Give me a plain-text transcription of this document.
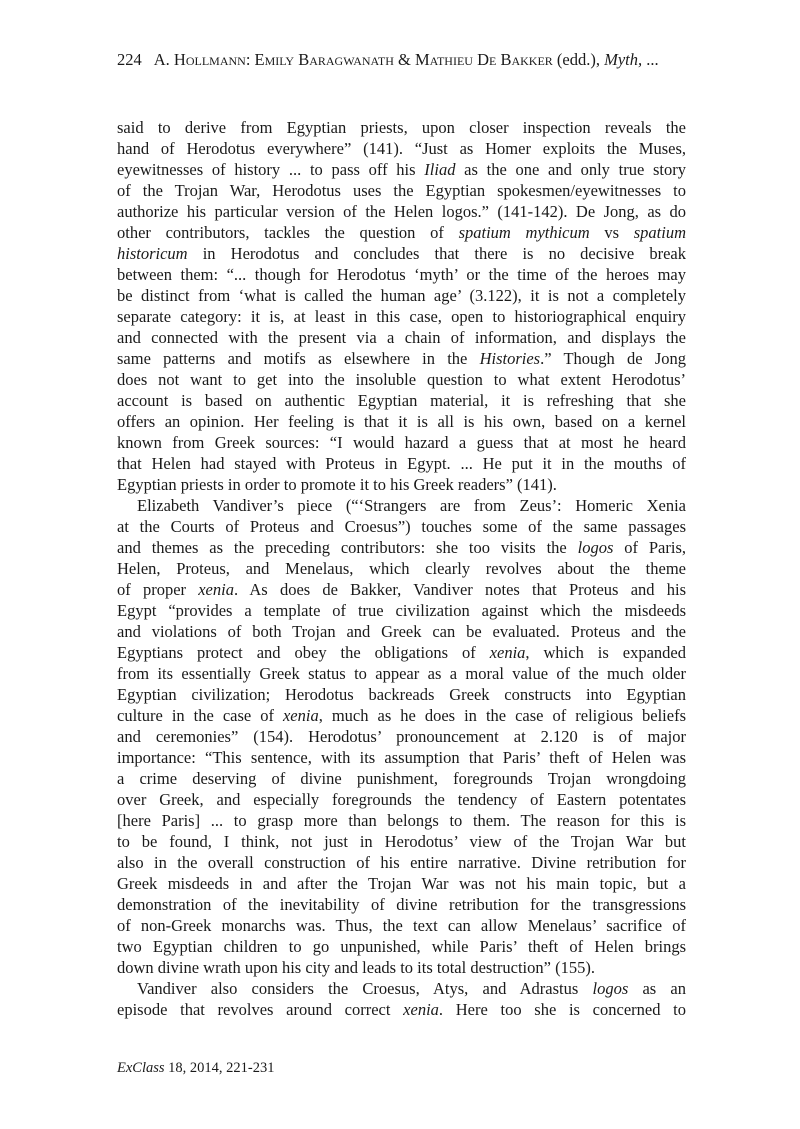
224 A. Hollmann: Emily Baragwanath & Mathieu De Bakker (edd.), Myth, ...
said to derive from Egyptian priests, upon closer inspection reveals the
hand of Herodotus everywhere” (141). “Just as Homer exploits the Muses,
eyewitnesses of history ... to pass off his Iliad as the one and only true story
of the Trojan War, Herodotus uses the Egyptian spokesmen/eyewitnesses to
authorize his particular version of the Helen logos.” (141-142). De Jong, as do
other contributors, tackles the question of spatium mythicum vs spatium
historicum in Herodotus and concludes that there is no decisive break
between them: “... though for Herodotus ‘myth’ or the time of the heroes may
be distinct from ‘what is called the human age’ (3.122), it is not a completely
separate category: it is, at least in this case, open to historiographical enquiry
and connected with the present via a chain of information, and displays the
same patterns and motifs as elsewhere in the Histories.” Though de Jong
does not want to get into the insoluble question to what extent Herodotus’
account is based on authentic Egyptian material, it is refreshing that she
offers an opinion. Her feeling is that it is all is his own, based on a kernel
known from Greek sources: “I would hazard a guess that at most he heard
that Helen had stayed with Proteus in Egypt. ... He put it in the mouths of
Egyptian priests in order to promote it to his Greek readers” (141).
Elizabeth Vandiver’s piece (“‘Strangers are from Zeus’: Homeric Xenia
at the Courts of Proteus and Croesus”) touches some of the same passages
and themes as the preceding contributors: she too visits the logos of Paris,
Helen, Proteus, and Menelaus, which clearly revolves about the theme
of proper xenia. As does de Bakker, Vandiver notes that Proteus and his
Egypt “provides a template of true civilization against which the misdeeds
and violations of both Trojan and Greek can be evaluated. Proteus and the
Egyptians protect and obey the obligations of xenia, which is expanded
from its essentially Greek status to appear as a moral value of the much older
Egyptian civilization; Herodotus backreads Greek constructs into Egyptian
culture in the case of xenia, much as he does in the case of religious beliefs
and ceremonies” (154). Herodotus’ pronouncement at 2.120 is of major
importance: “This sentence, with its assumption that Paris’ theft of Helen was
a crime deserving of divine punishment, foregrounds Trojan wrongdoing
over Greek, and especially foregrounds the tendency of Eastern potentates
[here Paris] ... to grasp more than belongs to them. The reason for this is
to be found, I think, not just in Herodotus’ view of the Trojan War but
also in the overall construction of his entire narrative. Divine retribution for
Greek misdeeds in and after the Trojan War was not his main topic, but a
demonstration of the inevitability of divine retribution for the transgressions
of non-Greek monarchs was. Thus, the text can allow Menelaus’ sacrifice of
two Egyptian children to go unpunished, while Paris’ theft of Helen brings
down divine wrath upon his city and leads to its total destruction” (155).
Vandiver also considers the Croesus, Atys, and Adrastus logos as an
episode that revolves around correct xenia. Here too she is concerned to
ExClass 18, 2014, 221-231
